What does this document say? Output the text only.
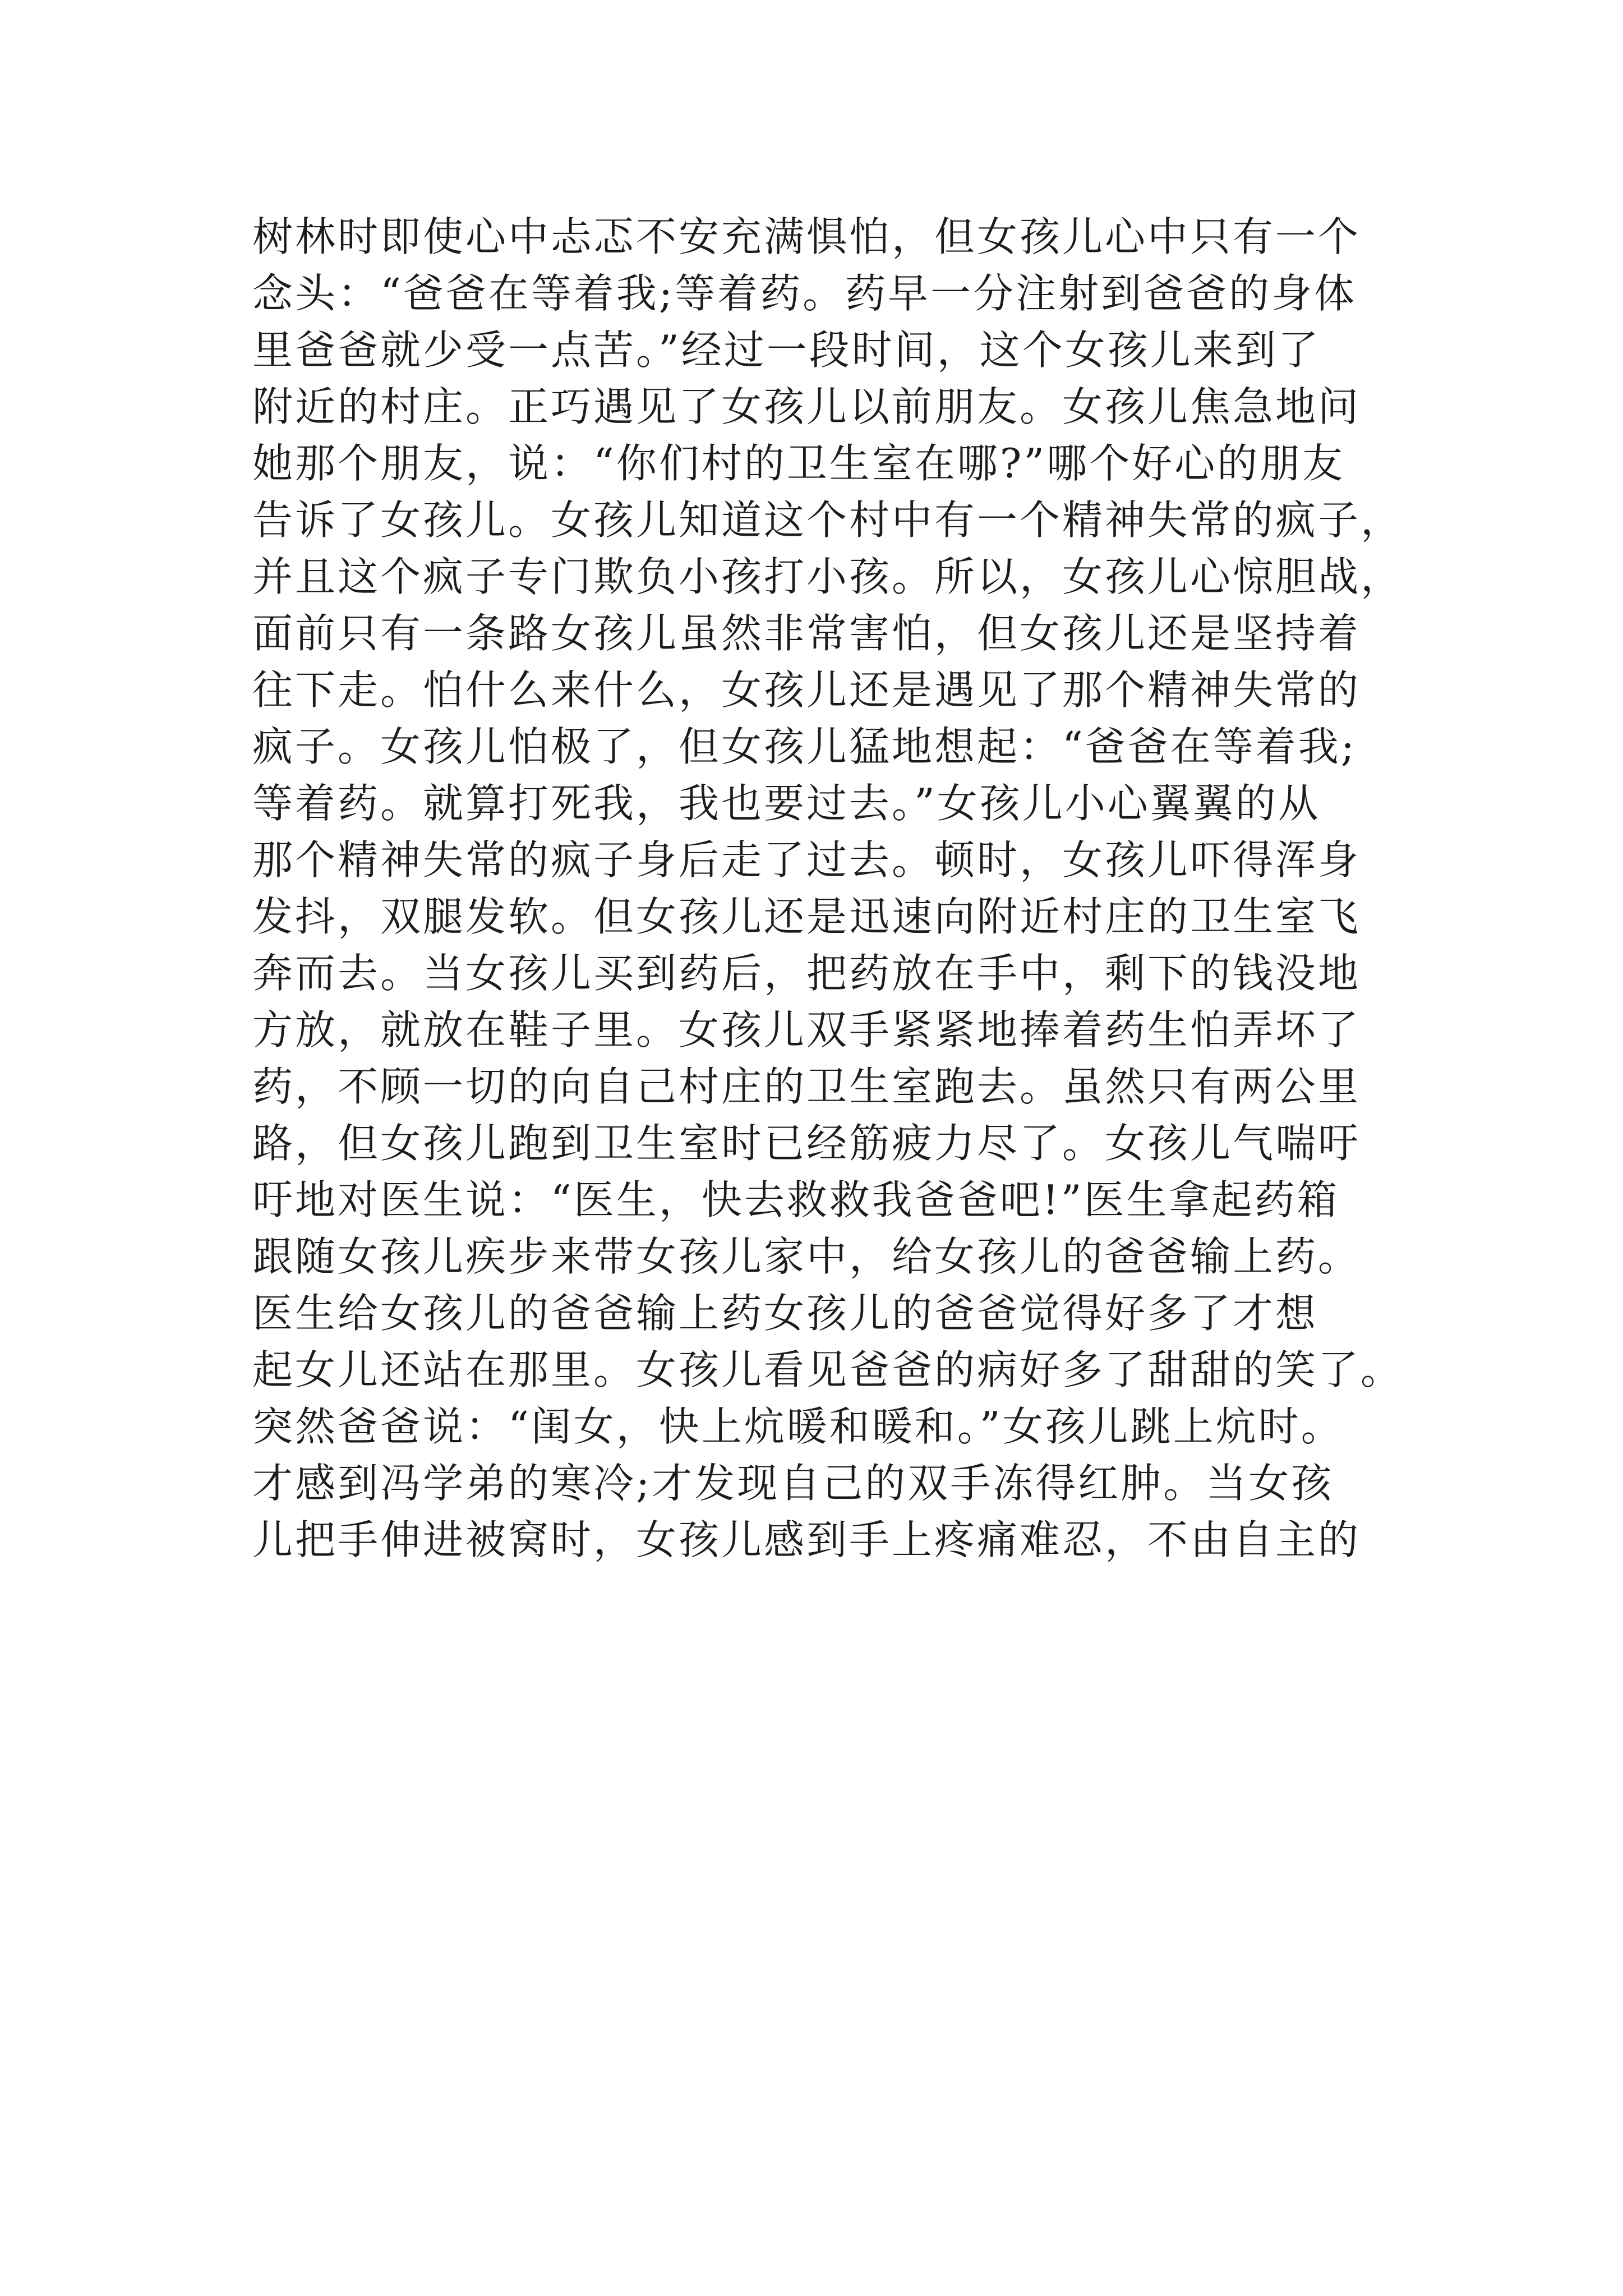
树林时即使心中忐忑不安充满惧怕，但女孩儿心中只有一个
念头：“爸爸在等着我;等着药。药早一分注射到爸爸的身体
里爸爸就少受一点苦。”经过一段时间，这个女孩儿来到了
附近的村庄。正巧遇见了女孩儿以前朋友。女孩儿焦急地问
她那个朋友，说：“你们村的卫生室在哪?”哪个好心的朋友
告诉了女孩儿。女孩儿知道这个村中有一个精神失常的疯子，
并且这个疯子专门欺负小孩打小孩。所以，女孩儿心惊胆战，
面前只有一条路女孩儿虽然非常害怕，但女孩儿还是坚持着
往下走。怕什么来什么，女孩儿还是遇见了那个精神失常的
疯子。女孩儿怕极了，但女孩儿猛地想起：“爸爸在等着我;
等着药。就算打死我，我也要过去。”女孩儿小心翼翼的从
那个精神失常的疯子身后走了过去。顿时，女孩儿吓得浑身
发抖，双腿发软。但女孩儿还是迅速向附近村庄的卫生室飞
奔而去。当女孩儿买到药后，把药放在手中，剩下的钱没地
方放，就放在鞋子里。女孩儿双手紧紧地捧着药生怕弄坏了
药，不顾一切的向自己村庄的卫生室跑去。虽然只有两公里
路，但女孩儿跑到卫生室时已经筋疲力尽了。女孩儿气喘吁
吁地对医生说：“医生，快去救救我爸爸吧!”医生拿起药箱
跟随女孩儿疾步来带女孩儿家中，给女孩儿的爸爸输上药。
医生给女孩儿的爸爸输上药女孩儿的爸爸觉得好多了才想
起女儿还站在那里。女孩儿看见爸爸的病好多了甜甜的笑了。
突然爸爸说：“闺女，快上炕暖和暖和。”女孩儿跳上炕时。
才感到冯学弟的寒冷;才发现自己的双手冻得红肿。当女孩
儿把手伸进被窝时，女孩儿感到手上疼痛难忍，不由自主的
